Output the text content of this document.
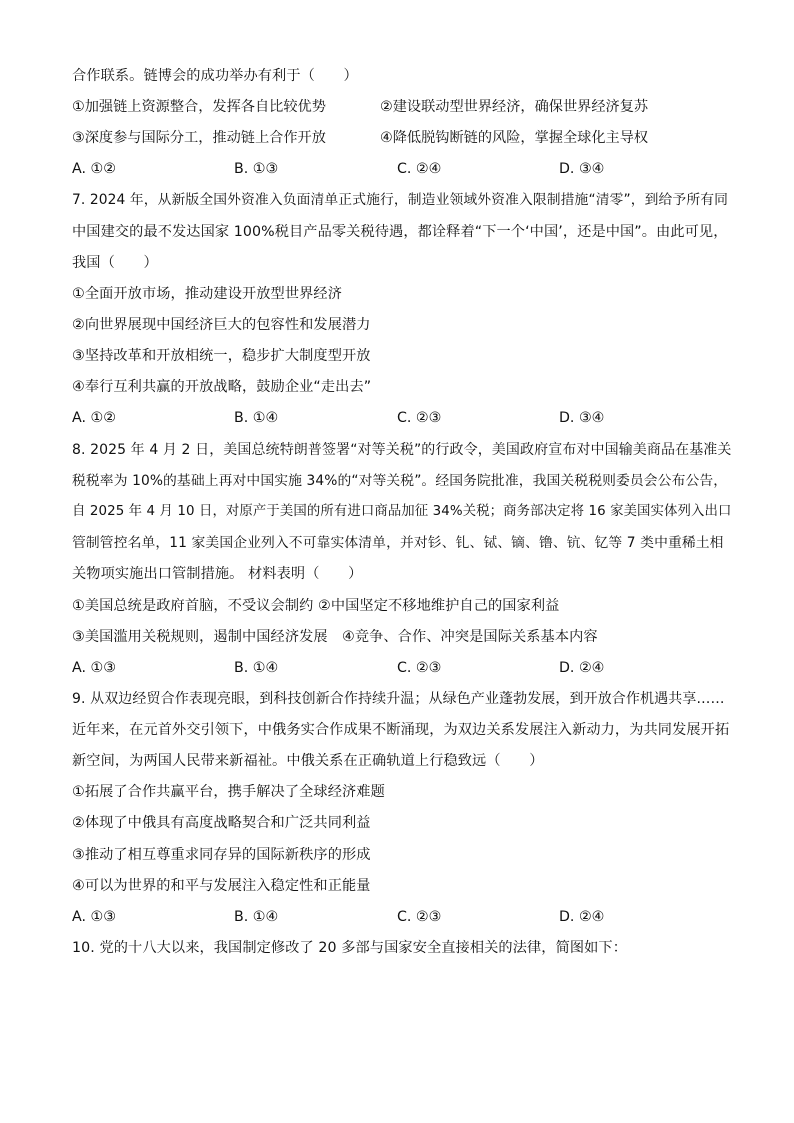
合作联系。链博会的成功举办有利于（　　）
①加强链上资源整合，发挥各自比较优势	②建设联动型世界经济，确保世界经济复苏
③深度参与国际分工，推动链上合作开放	④降低脱钩断链的风险，掌握全球化主导权
A. ①②	B. ①③	C. ②④	D. ③④
7. 2024 年，从新版全国外资准入负面清单正式施行，制造业领域外资准入限制措施“清零”，到给予所有同
中国建交的最不发达国家 100%税目产品零关税待遇，都诠释着“下一个‘中国’，还是中国”。由此可见，
我国（　　）
①全面开放市场，推动建设开放型世界经济
②向世界展现中国经济巨大的包容性和发展潜力
③坚持改革和开放相统一，稳步扩大制度型开放
④奉行互利共赢的开放战略，鼓励企业“走出去”
A. ①②	B. ①④	C. ②③	D. ③④
8. 2025 年 4 月 2 日，美国总统特朗普签署“对等关税”的行政令，美国政府宣布对中国输美商品在基准关
税税率为 10%的基础上再对中国实施 34%的“对等关税”。经国务院批准，我国关税税则委员会公布公告，
自 2025 年 4 月 10 日，对原产于美国的所有进口商品加征 34%关税；商务部决定将 16 家美国实体列入出口
管制管控名单，11 家美国企业列入不可靠实体清单，并对钐、钆、铽、镝、镥、钪、钇等 7 类中重稀土相
关物项实施出口管制措施。 材料表明（　　）
①美国总统是政府首脑，不受议会制约 ②中国坚定不移地维护自己的国家利益
③美国滥用关税规则，遏制中国经济发展　④竞争、合作、冲突是国际关系基本内容
A. ①③	B. ①④	C. ②③	D. ②④
9. 从双边经贸合作表现亮眼，到科技创新合作持续升温；从绿色产业蓬勃发展，到开放合作机遇共享……
近年来，在元首外交引领下，中俄务实合作成果不断涌现，为双边关系发展注入新动力，为共同发展开拓
新空间，为两国人民带来新福祉。中俄关系在正确轨道上行稳致远（　　）
①拓展了合作共赢平台，携手解决了全球经济难题
②体现了中俄具有高度战略契合和广泛共同利益
③推动了相互尊重求同存异的国际新秩序的形成
④可以为世界的和平与发展注入稳定性和正能量
A. ①③	B. ①④	C. ②③	D. ②④
10. 党的十八大以来，我国制定修改了 20 多部与国家安全直接相关的法律，简图如下：
